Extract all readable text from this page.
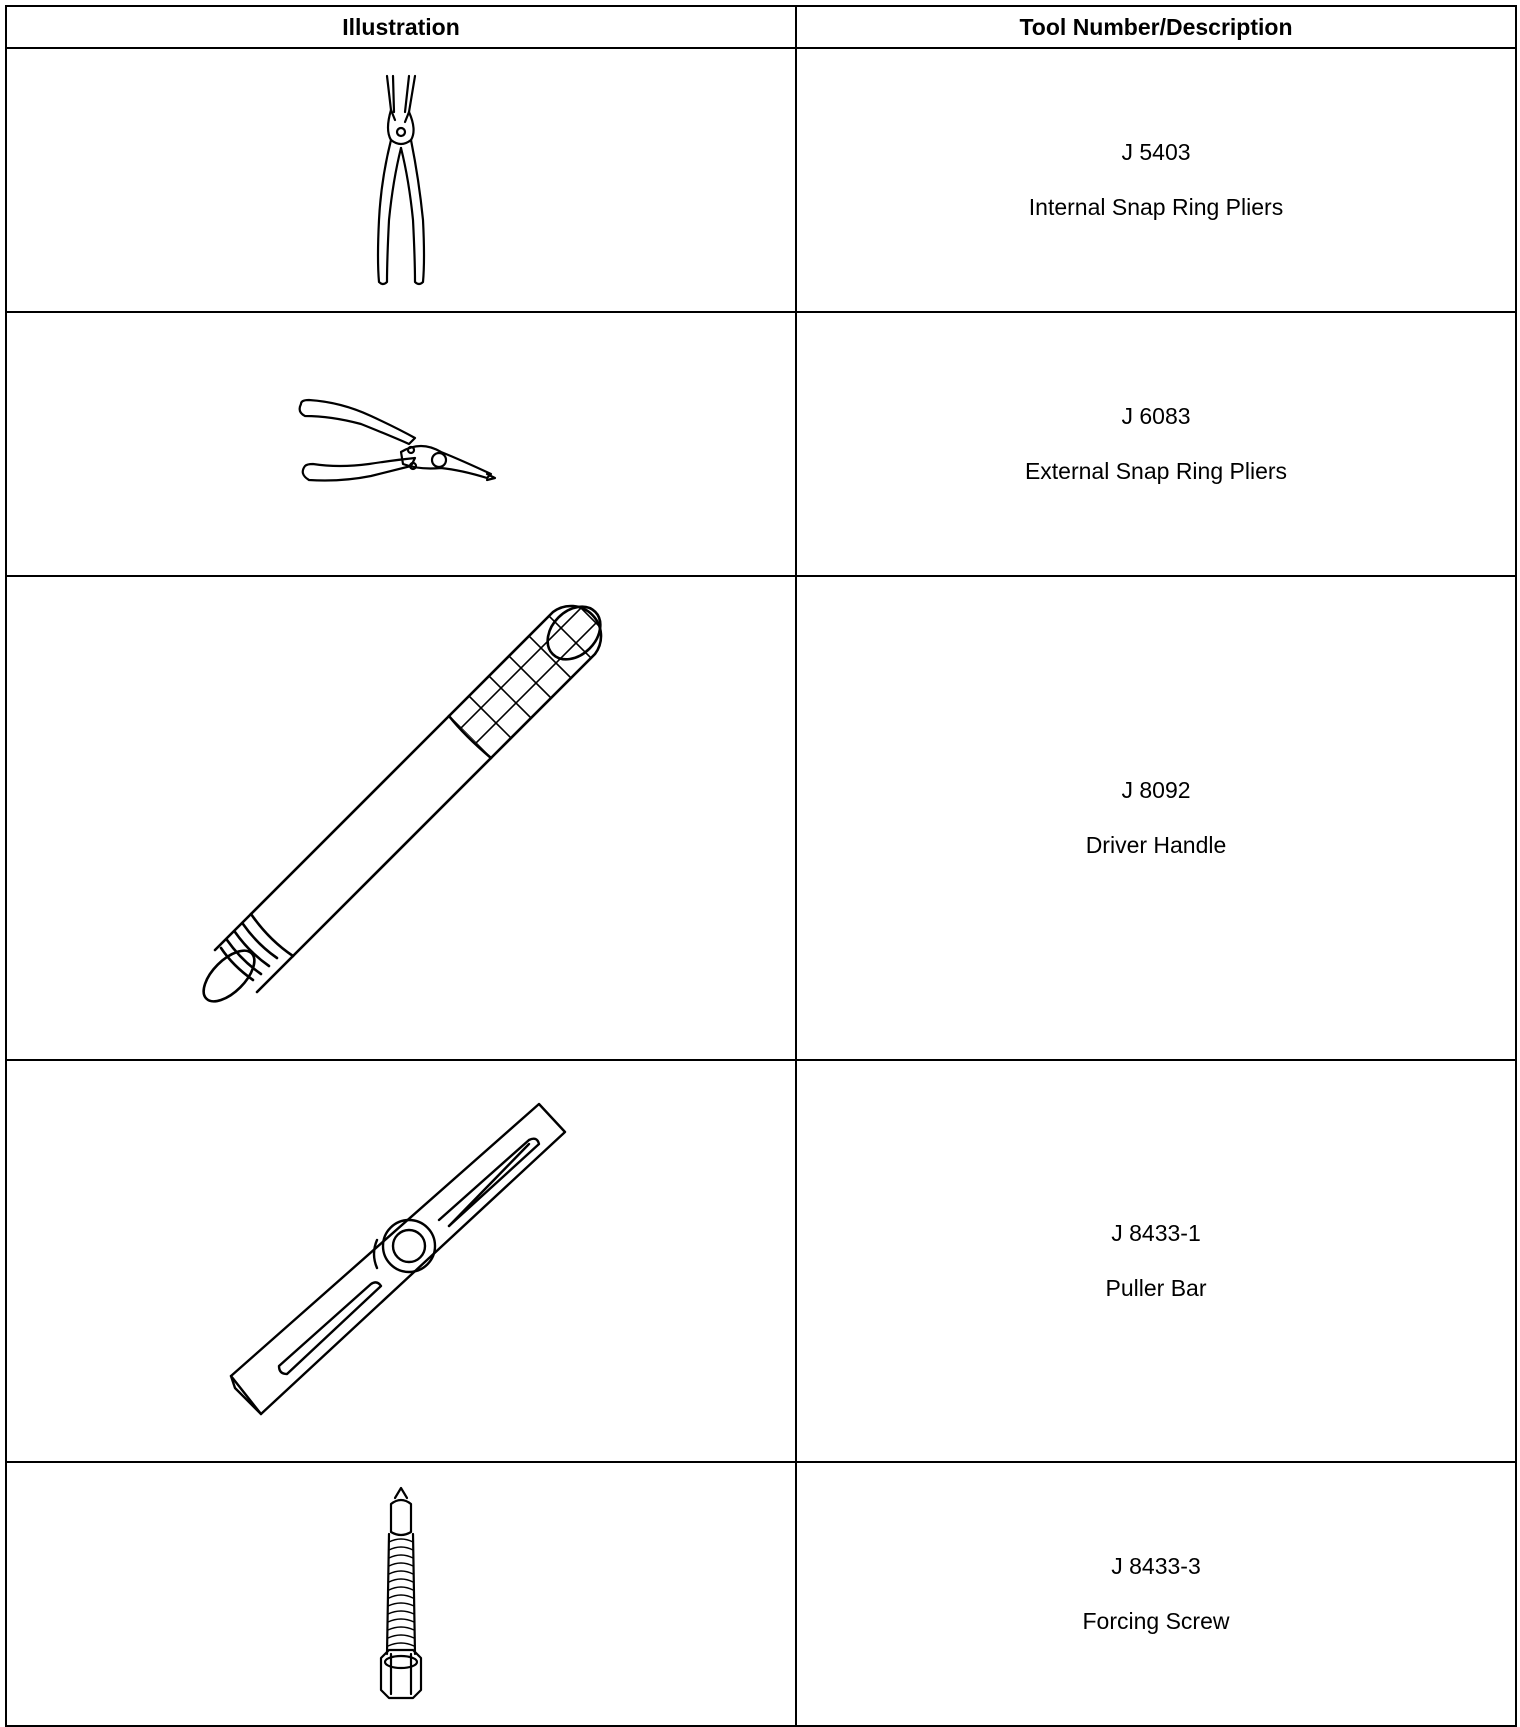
Illustration	Tool Number/Description

J 5403
Internal Snap Ring Pliers

J 6083
External Snap Ring Pliers

J 8092
Driver Handle

J 8433-1
Puller Bar

J 8433-3
Forcing Screw
